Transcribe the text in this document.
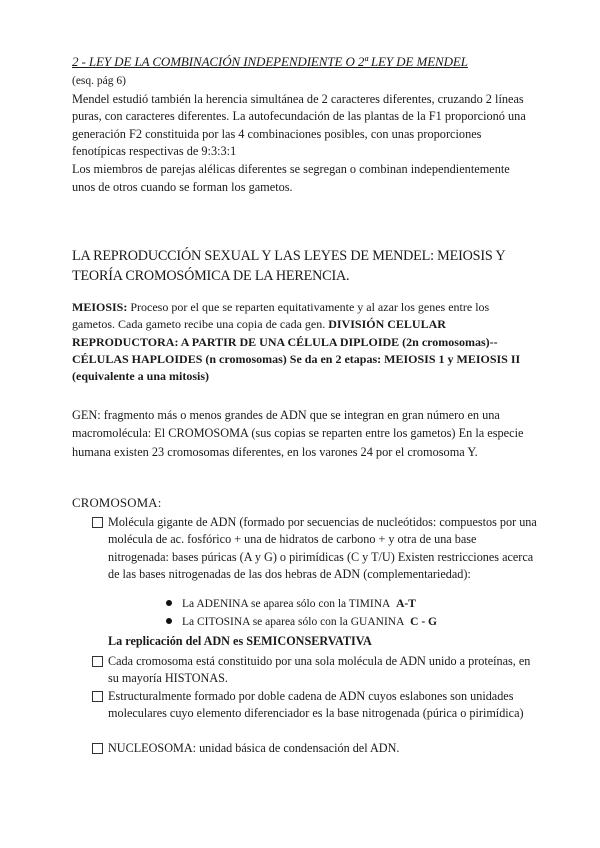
2 - LEY DE LA COMBINACIÓN INDEPENDIENTE O 2ª LEY DE MENDEL

(esq. pág 6)

Mendel estudió también la herencia simultánea de 2 caracteres diferentes, cruzando 2 líneas puras, con caracteres diferentes. La autofecundación de las plantas de la F1 proporcionó una generación F2 constituida por las 4 combinaciones posibles, con unas proporciones fenotípicas respectivas de 9:3:3:1

Los miembros de parejas alélicas diferentes se segregan o combinan independientemente unos de otros cuando se forman los gametos.

LA REPRODUCCIÓN SEXUAL Y LAS LEYES DE MENDEL: MEIOSIS Y TEORÍA CROMOSÓMICA DE LA HERENCIA.
MEIOSIS: Proceso por el que se reparten equitativamente y al azar los genes entre los gametos. Cada gameto recibe una copia de cada gen. DIVISIÓN CELULAR REPRODUCTORA: A PARTIR DE UNA CÉLULA DIPLOIDE (2n cromosomas)--CÉLULAS HAPLOIDES (n cromosomas) Se da en 2 etapas: MEIOSIS 1 y MEIOSIS II (equivalente a una mitosis)
GEN: fragmento más o menos grandes de ADN que se integran en gran número en una macromolécula: El CROMOSOMA (sus copias se reparten entre los gametos) En la especie humana existen 23 cromosomas diferentes, en los varones 24 por el cromosoma Y.
CROMOSOMA:
Molécula gigante de ADN (formado por secuencias de nucleótidos: compuestos por una molécula de ac. fosfórico + una de hidratos de carbono + y otra de una base nitrogenada: bases púricas (A y G) o pirimídicas (C y T/U) Existen restricciones acerca de las bases nitrogenadas de las dos hebras de ADN (complementariedad):
La ADENINA se aparea sólo con la TIMINA A-T
La CITOSINA se aparea sólo con la GUANINA C - G
La replicación del ADN es SEMICONSERVATIVA
Cada cromosoma está constituido por una sola molécula de ADN unido a proteínas, en su mayoría HISTONAS.
Estructuralmente formado por doble cadena de ADN cuyos eslabones son unidades moleculares cuyo elemento diferenciador es la base nitrogenada (púrica o pirimídica)
NUCLEOSOMA: unidad básica de condensación del ADN.
